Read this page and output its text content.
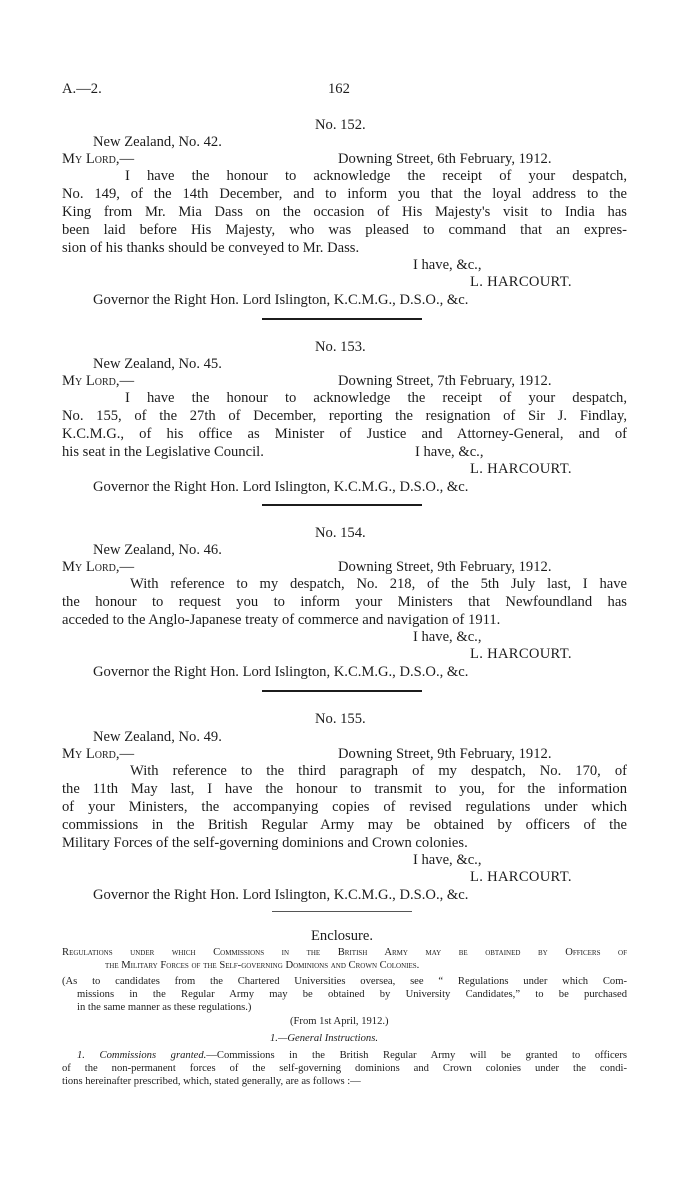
A.—2.	162
No. 152.
New Zealand, No. 42.
My Lord,—	Downing Street, 6th February, 1912.
I have the honour to acknowledge the receipt of your despatch,
No. 149, of the 14th December, and to inform you that the loyal address to the
King from Mr. Mia Dass on the occasion of His Majesty's visit to India has
been laid before His Majesty, who was pleased to command that an expres-
sion of his thanks should be conveyed to Mr. Dass.
I have, &c.,
L. HARCOURT.
Governor the Right Hon. Lord Islington, K.C.M.G., D.S.O., &c.
No. 153.
New Zealand, No. 45.
My Lord,—	Downing Street, 7th February, 1912.
I have the honour to acknowledge the receipt of your despatch,
No. 155, of the 27th of December, reporting the resignation of Sir J. Findlay,
K.C.M.G., of his office as Minister of Justice and Attorney-General, and of
his seat in the Legislative Council.	I have, &c.,
L. HARCOURT.
Governor the Right Hon. Lord Islington, K.C.M.G., D.S.O., &c.
No. 154.
New Zealand, No. 46.
My Lord,—	Downing Street, 9th February, 1912.
With reference to my despatch, No. 218, of the 5th July last, I have
the honour to request you to inform your Ministers that Newfoundland has
acceded to the Anglo-Japanese treaty of commerce and navigation of 1911.
I have, &c.,
L. HARCOURT.
Governor the Right Hon. Lord Islington, K.C.M.G., D.S.O., &c.
No. 155.
New Zealand, No. 49.
My Lord,—	Downing Street, 9th February, 1912.
With reference to the third paragraph of my despatch, No. 170, of
the 11th May last, I have the honour to transmit to you, for the information
of your Ministers, the accompanying copies of revised regulations under which
commissions in the British Regular Army may be obtained by officers of the
Military Forces of the self-governing dominions and Crown colonies.
I have, &c.,
L. HARCOURT.
Governor the Right Hon. Lord Islington, K.C.M.G., D.S.O., &c.
Enclosure.
Regulations under which Commissions in the British Army may be obtained by Officers of
the Military Forces of the Self-governing Dominions and Crown Colonies.
(As to candidates from the Chartered Universities oversea, see “ Regulations under which Com-
missions in the Regular Army may be obtained by University Candidates,” to be purchased
in the same manner as these regulations.)
(From 1st April, 1912.)
1.—General Instructions.
1. Commissions granted.—Commissions in the British Regular Army will be granted to officers
of the non-permanent forces of the self-governing dominions and Crown colonies under the condi-
tions hereinafter prescribed, which, stated generally, are as follows :—
